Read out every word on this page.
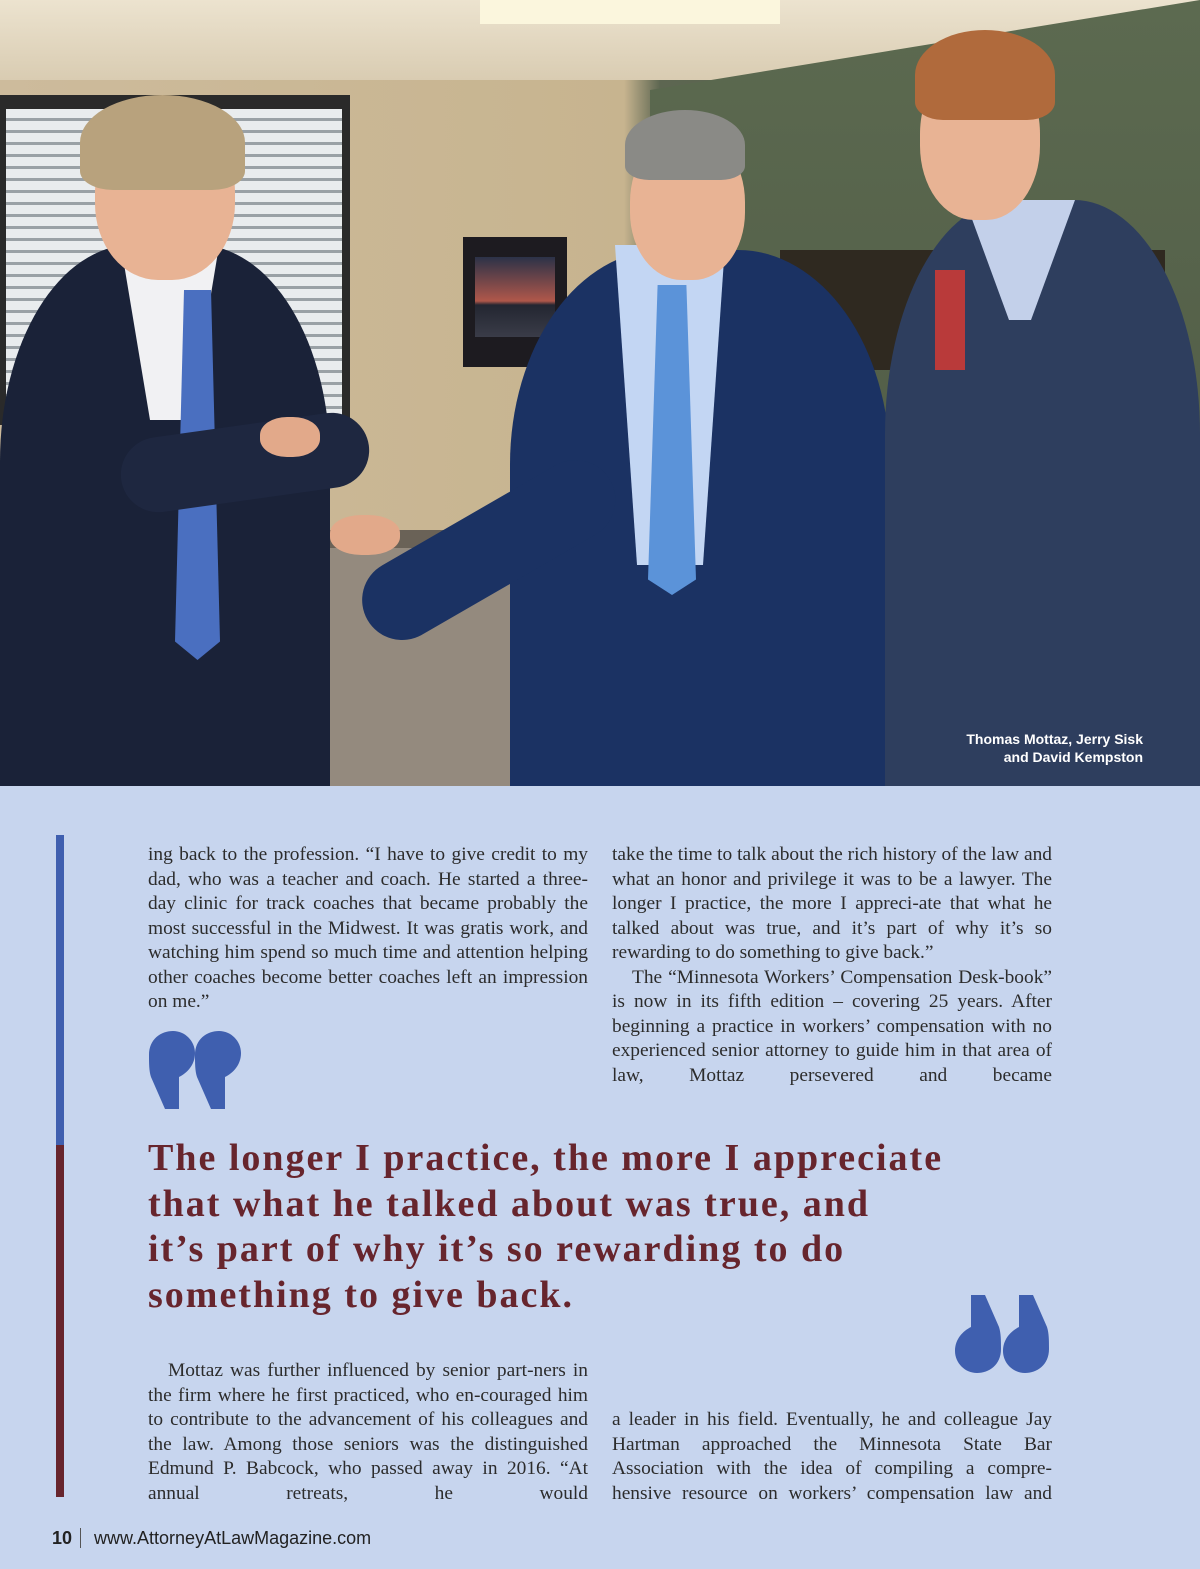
Thomas Mottaz, Jerry Sisk
and David Kempston

ing back to the profession. “I have to give credit to my dad, who was a teacher and coach. He started a three-day clinic for track coaches that became probably the most successful in the Midwest. It was gratis work, and watching him spend so much time and attention helping other coaches become better coaches left an impression on me.”

take the time to talk about the rich history of the law and what an honor and privilege it was to be a lawyer. The longer I practice, the more I appreci-ate that what he talked about was true, and it’s part of why it’s so rewarding to do something to give back.”

The “Minnesota Workers’ Compensation Desk-book” is now in its fifth edition – covering 25 years. After beginning a practice in workers’ compensation with no experienced senior attorney to guide him in that area of law, Mottaz persevered and became

The longer I practice, the more I appreciate
that what he talked about was true, and
it’s part of why it’s so rewarding to do
something to give back.

Mottaz was further influenced by senior part-ners in the firm where he first practiced, who en-couraged him to contribute to the advancement of his colleagues and the law. Among those seniors was the distinguished Edmund P. Babcock, who passed away in 2016. “At annual retreats, he would

a leader in his field. Eventually, he and colleague Jay Hartman approached the Minnesota State Bar Association with the idea of compiling a compre-hensive resource on workers’ compensation law and

10 www.AttorneyAtLawMagazine.com
